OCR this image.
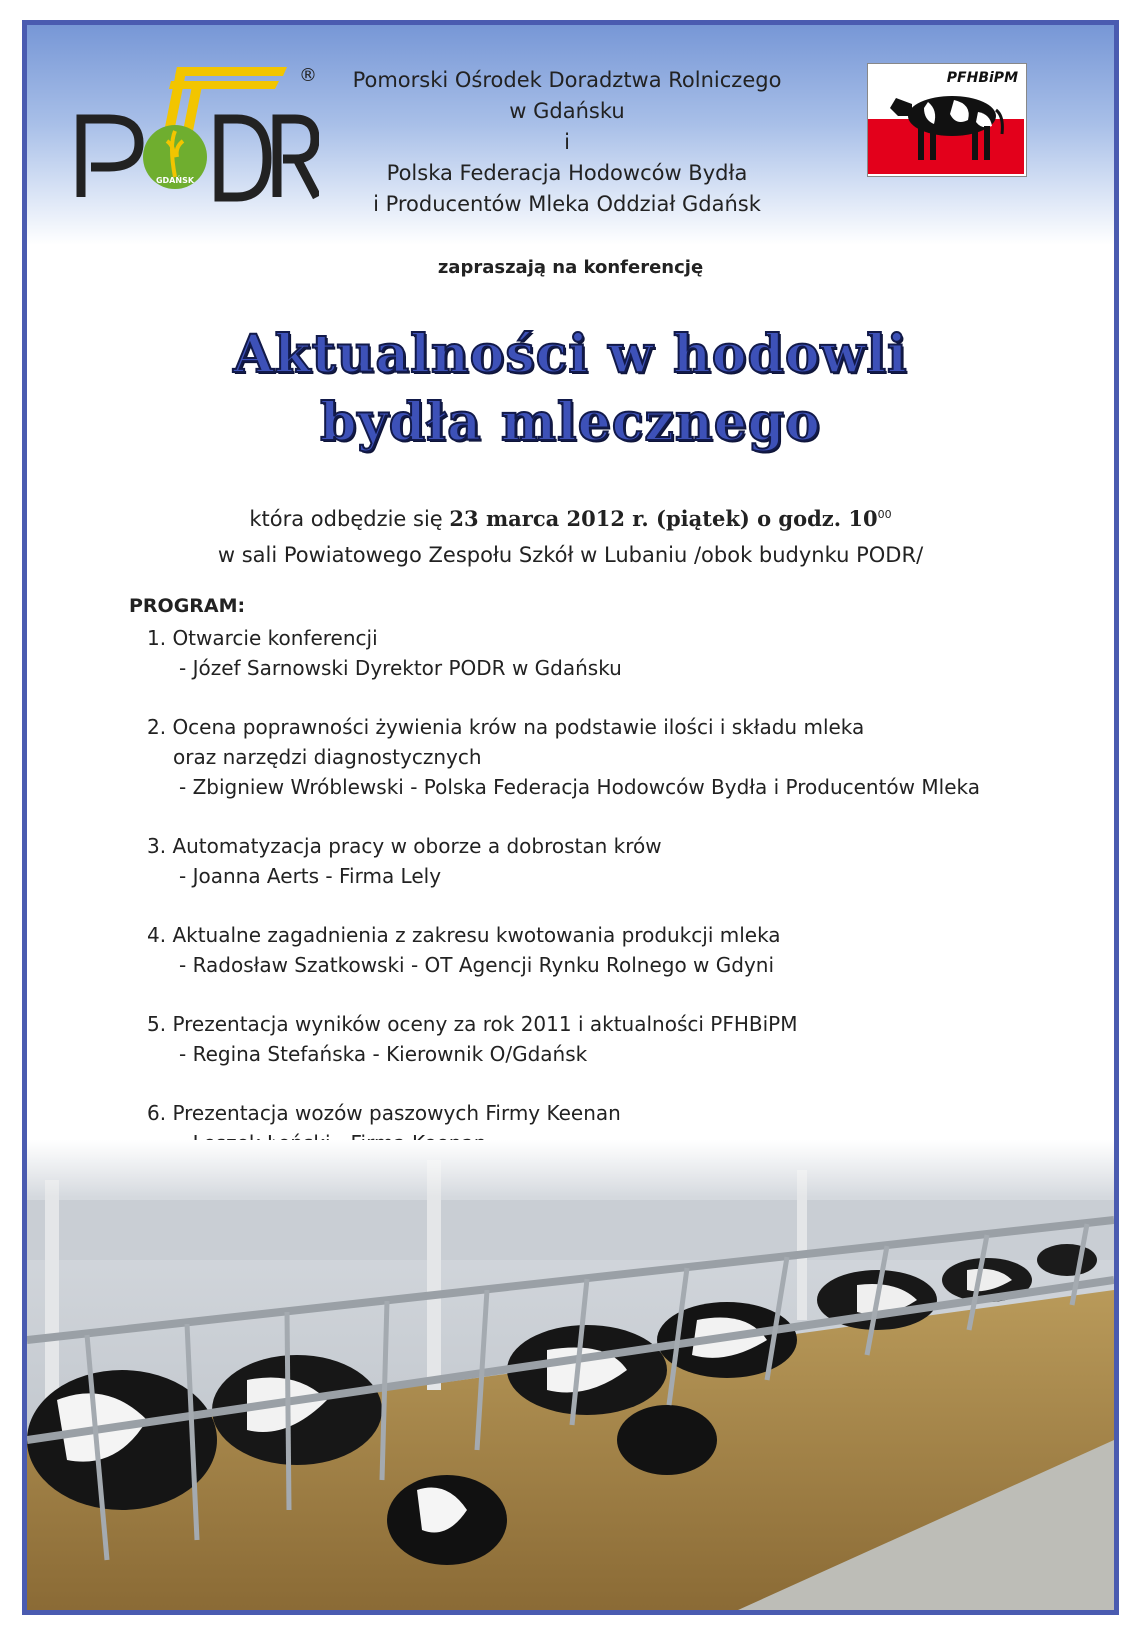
GDAŃSK
®	Pomorski Ośrodek Doradztwa Rolniczego
w Gdańsku
i
Polska Federacja Hodowców Bydła
i Producentów Mleka Oddział Gdańsk
PFHBiPM
zapraszają na konferencję
Aktualności w hodowli
bydła mlecznego
która odbędzie się 23 marca 2012 r. (piątek) o godz. $10^{00}$
w sali Powiatowego Zespołu Szkół w Lubaniu /obok budynku PODR/
PROGRAM:
1. Otwarcie konferencji
- Józef Sarnowski Dyrektor PODR w Gdańsku
2. Ocena poprawności żywienia krów na podstawie ilości i składu mleka
oraz narzędzi diagnostycznych
- Zbigniew Wróblewski - Polska Federacja Hodowców Bydła i Producentów Mleka
3. Automatyzacja pracy w oborze a dobrostan krów
- Joanna Aerts - Firma Lely
4. Aktualne zagadnienia z zakresu kwotowania produkcji mleka
- Radosław Szatkowski - OT Agencji Rynku Rolnego w Gdyni
5. Prezentacja wyników oceny za rok 2011 i aktualności PFHBiPM
- Regina Stefańska - Kierownik O/Gdańsk
6. Prezentacja wozów paszowych Firmy Keenan
